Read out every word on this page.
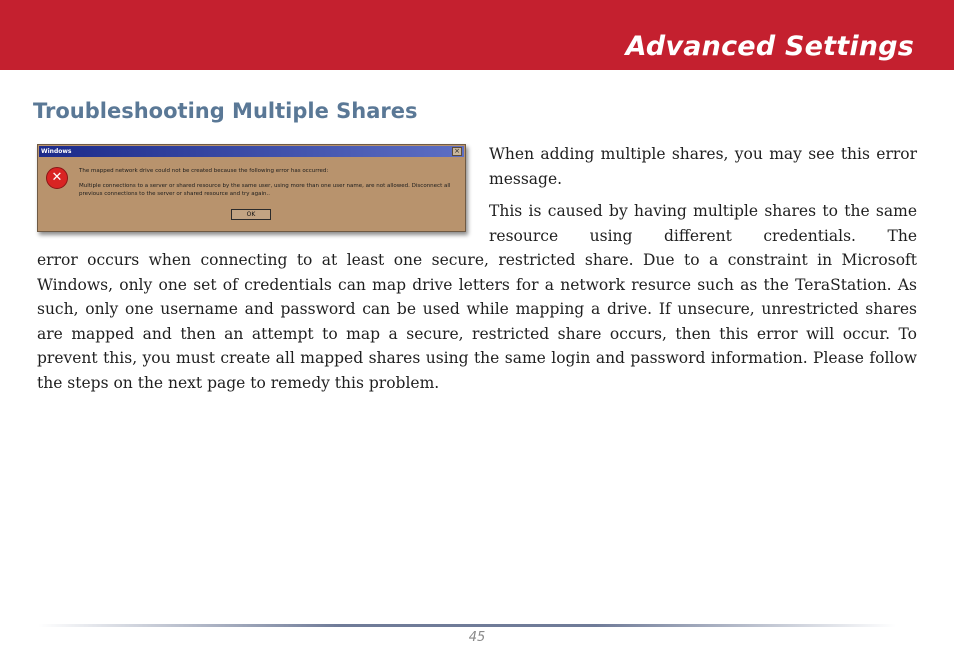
Advanced Settings
Troubleshooting Multiple Shares
Windows	×
✕	The mapped network drive could not be created because the following error has occurred:
Multiple connections to a server or shared resource by the same user, using more than one user name, are not allowed. Disconnect all previous connections to the server or shared resource and try again..
OK

When adding multiple shares, you may see this error message.

This is caused by having multiple shares to the same resource using different credentials. The

error occurs when connecting to at least one secure, restricted share. Due to a constraint in Microsoft Windows, only one set of credentials can map drive letters for a network resurce such as the TeraStation. As such, only one username and password can be used while mapping a drive. If unsecure, unrestricted shares are mapped and then an attempt to map a secure, restricted share occurs, then this error will occur. To prevent this, you must create all mapped shares using the same login and password information. Please follow the steps on the next page to remedy this problem.

45
